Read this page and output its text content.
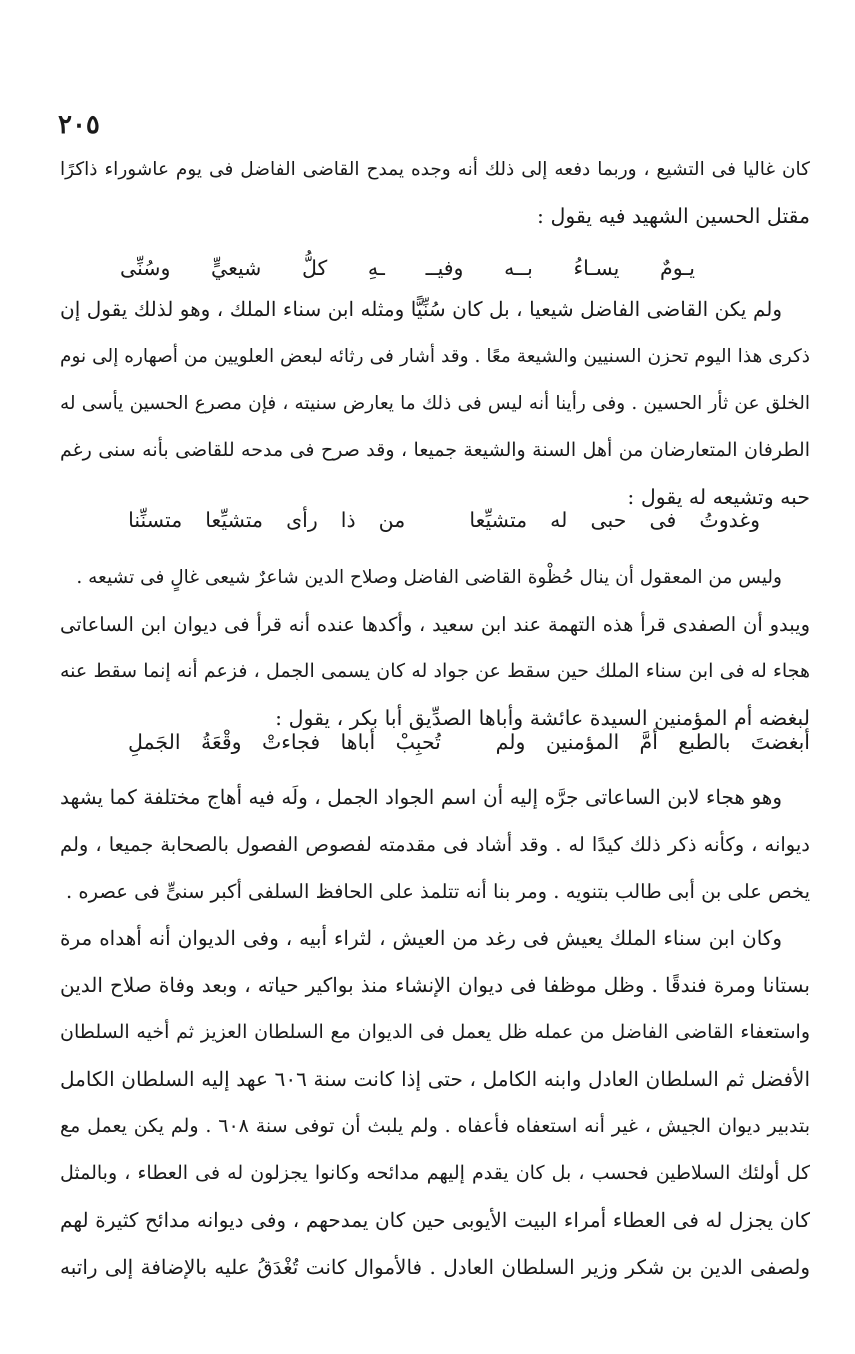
٢٠٥
كان غاليا فى التشيع ، وربما دفعه إلى ذلك أنه وجده يمدح القاضى الفاضل فى يوم عاشوراء ذاكرًا
مقتل الحسين الشهيد فيه يقول :
يـومٌ
يسـاءُ
بــه
وفيــ
ـهِ
كلُّ
شيعيٍّ
وسُنِّى
ولم يكن القاضى الفاضل شيعيا ، بل كان سُنِّيًّا ومثله ابن سناء الملك ، وهو لذلك يقول إن
ذكرى هذا اليوم تحزن السنيين والشيعة معًا . وقد أشار فى رثائه لبعض العلويين من أصهاره إلى نوم
الخلق عن ثأر الحسين . وفى رأينا أنه ليس فى ذلك ما يعارض سنيته ، فإن مصرع الحسين يأسى له
الطرفان المتعارضان من أهل السنة والشيعة جميعا ، وقد صرح فى مدحه للقاضى بأنه سنى رغم
حبه وتشيعه له يقول :
وغدوتُ
فى
حبى
له
متشيِّعا
من
ذا
رأى
متشيِّعا
متسنِّنا
وليس من المعقول أن ينال حُظْوة القاضى الفاضل وصلاح الدين شاعرٌ شيعى غالٍ فى تشيعه .
ويبدو أن الصفدى قرأ هذه التهمة عند ابن سعيد ، وأكدها عنده أنه قرأ فى ديوان ابن الساعاتى
هجاء له فى ابن سناء الملك حين سقط عن جواد له كان يسمى الجمل ، فزعم أنه إنما سقط عنه
لبغضه أم المؤمنين السيدة عائشة وأباها الصدِّيق أبا بكر ، يقول :
أبغضتَ
بالطبع
أمَّ
المؤمنين
ولم
تُحبِبْ
أباها
فجاءتْ
وقْعَةُ
الجَملِ
وهو هجاء لابن الساعاتى جرَّه إليه أن اسم الجواد الجمل ، ولَه فيه أهاج مختلفة كما يشهد
ديوانه ، وكأنه ذكر ذلك كيدًا له . وقد أشاد فى مقدمته لفصوص الفصول بالصحابة جميعا ، ولم
يخص على بن أبى طالب بتنويه . ومر بنا أنه تتلمذ على الحافظ السلفى أكبر سنىٍّ فى عصره .
وكان ابن سناء الملك يعيش فى رغد من العيش ، لثراء أبيه ، وفى الديوان أنه أهداه مرة
بستانا ومرة فندقًا . وظل موظفا فى ديوان الإنشاء منذ بواكير حياته ، وبعد وفاة صلاح الدين
واستعفاء القاضى الفاضل من عمله ظل يعمل فى الديوان مع السلطان العزيز ثم أخيه السلطان
الأفضل ثم السلطان العادل وابنه الكامل ، حتى إذا كانت سنة ٦٠٦ عهد إليه السلطان الكامل
بتدبير ديوان الجيش ، غير أنه استعفاه فأعفاه . ولم يلبث أن توفى سنة ٦٠٨ . ولم يكن يعمل مع
كل أولئك السلاطين فحسب ، بل كان يقدم إليهم مدائحه وكانوا يجزلون له فى العطاء ، وبالمثل
كان يجزل له فى العطاء أمراء البيت الأيوبى حين كان يمدحهم ، وفى ديوانه مدائح كثيرة لهم
ولصفى الدين بن شكر وزير السلطان العادل . فالأموال كانت تُغْدَقُ عليه بالإضافة إلى راتبه
